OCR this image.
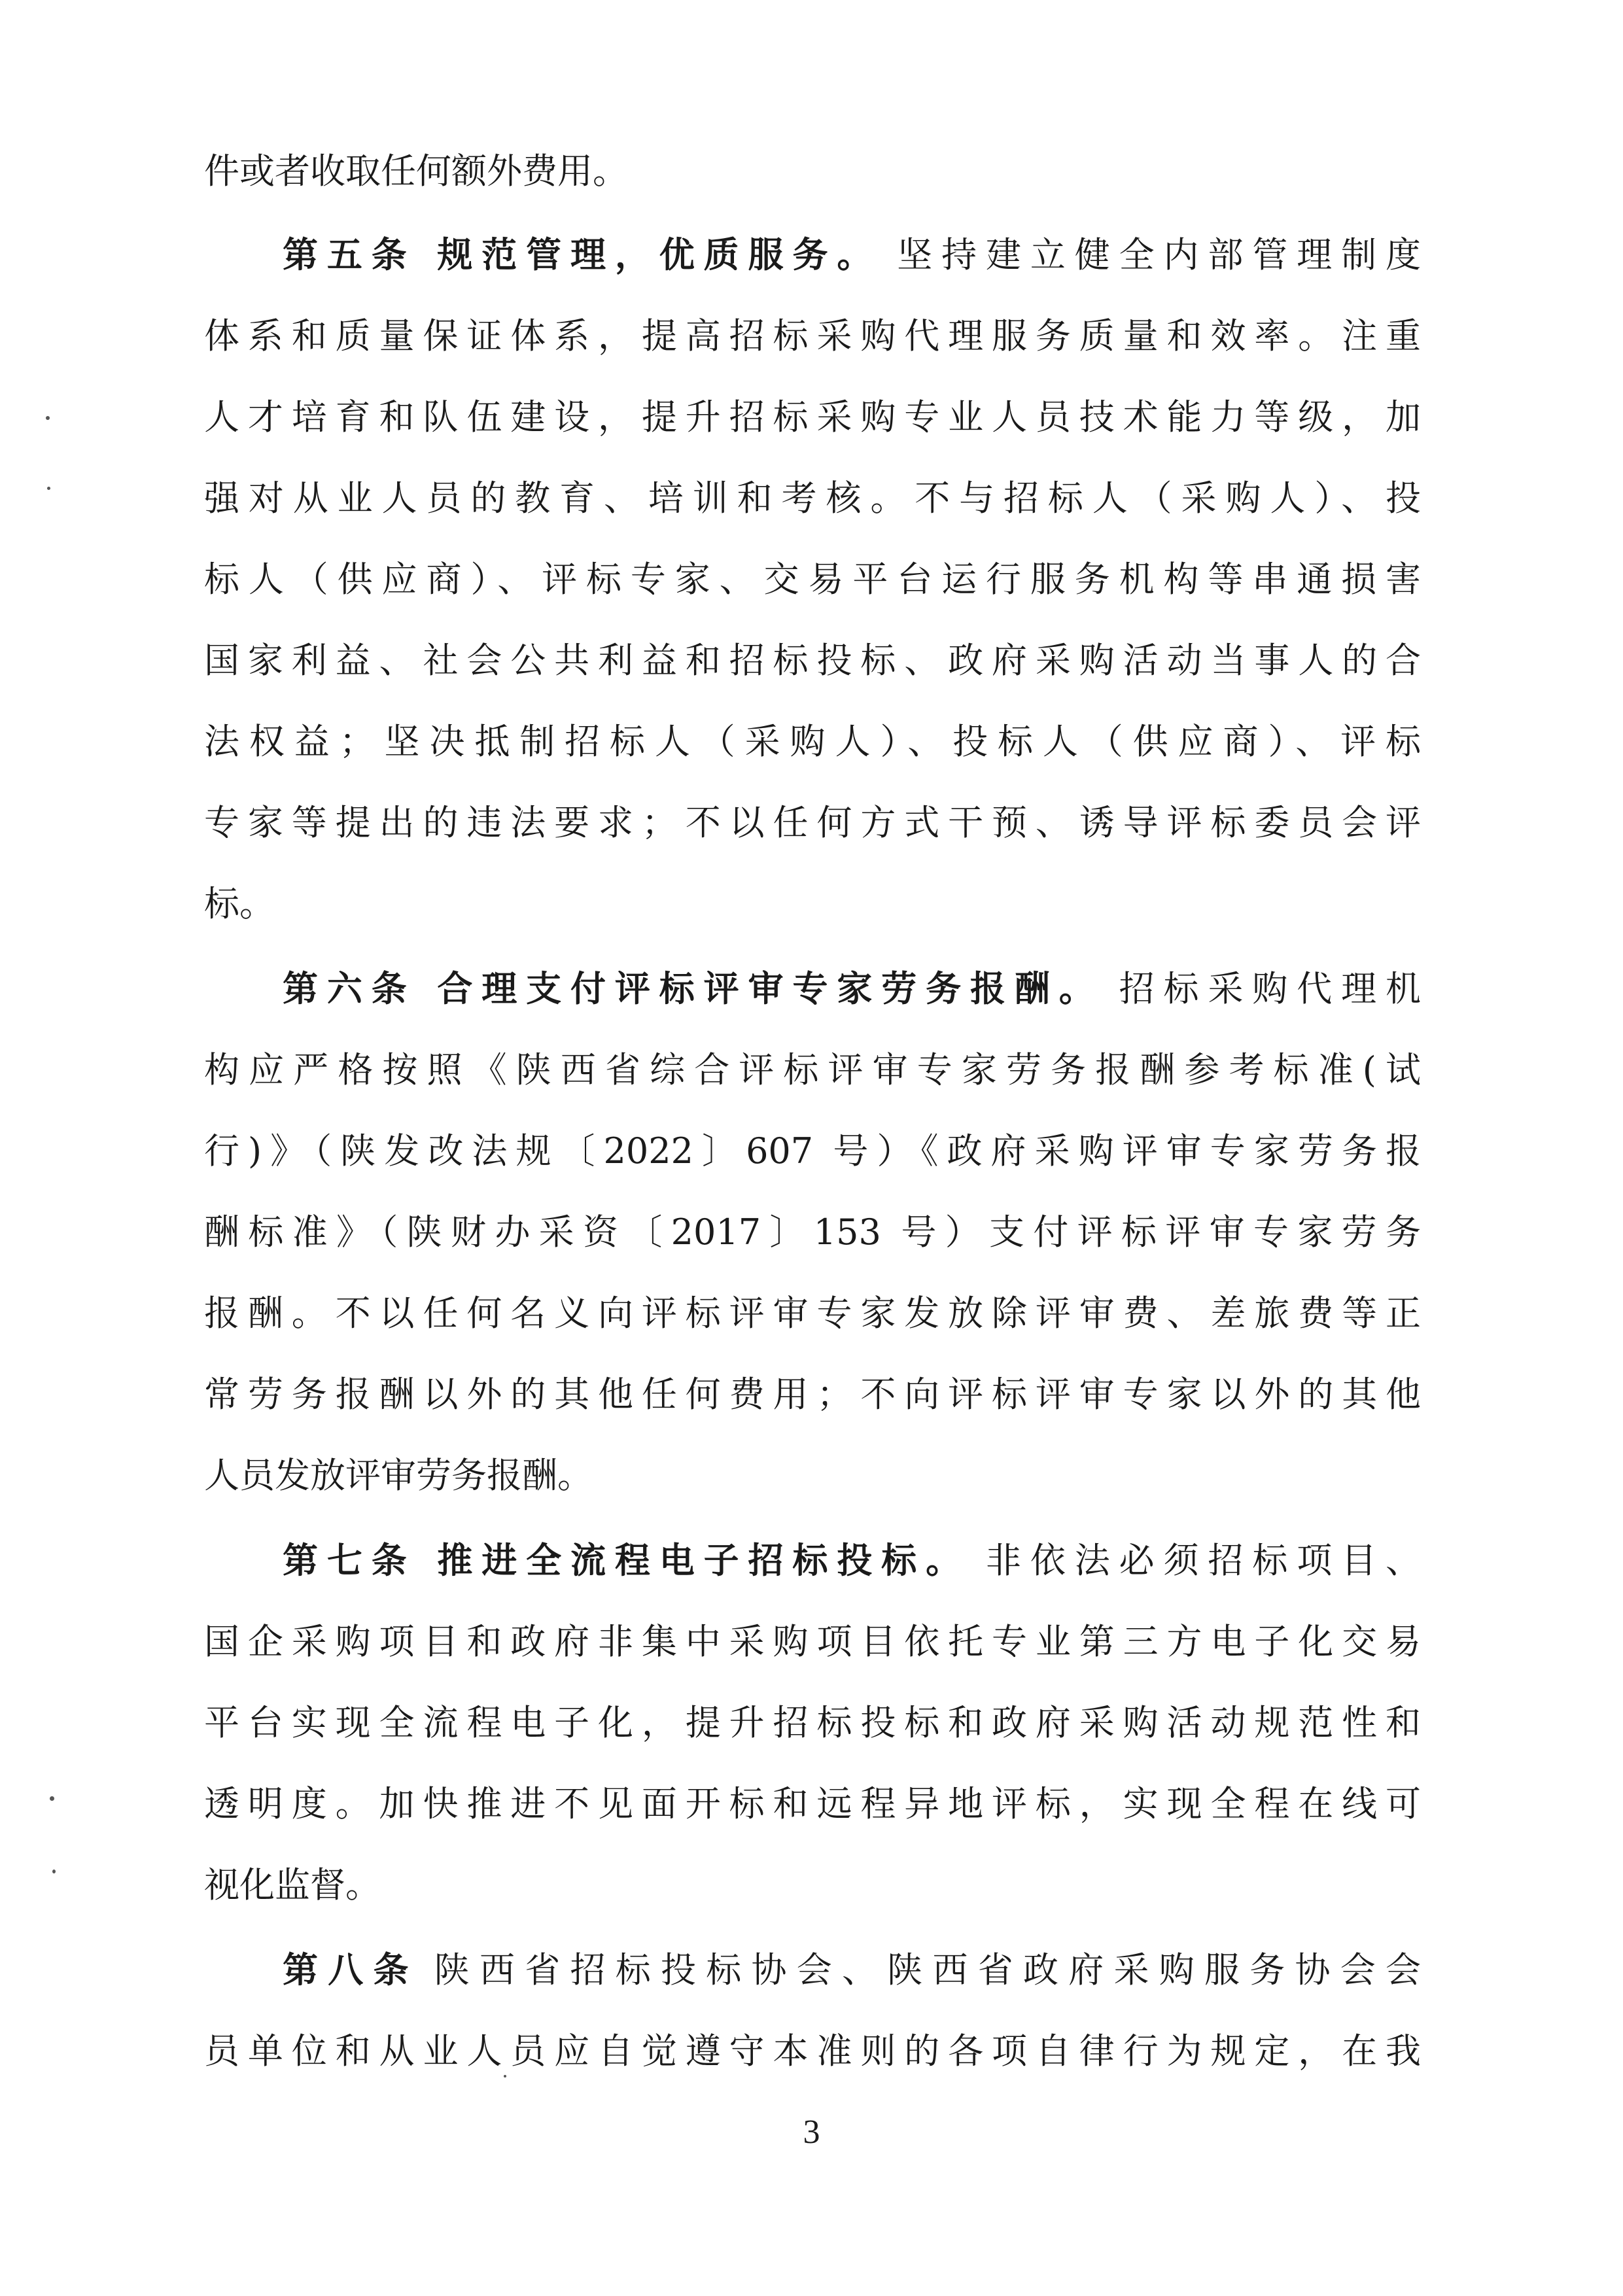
件或者收取任何额外费用。
第五条 规范管理，优质服务。 坚持建立健全内部管理制度
体系和质量保证体系，提高招标采购代理服务质量和效率。注重
人才培育和队伍建设，提升招标采购专业人员技术能力等级，加
强对从业人员的教育、培训和考核。不与招标人（采购人）、投
标人（供应商）、评标专家、交易平台运行服务机构等串通损害
国家利益、社会公共利益和招标投标、政府采购活动当事人的合
法权益；坚决抵制招标人（采购人）、投标人（供应商）、评标
专家等提出的违法要求；不以任何方式干预、诱导评标委员会评
标。
第六条 合理支付评标评审专家劳务报酬。 招标采购代理机
构应严格按照《陕西省综合评标评审专家劳务报酬参考标准(试
行)》（陕发改法规〔2022〕607 号）《政府采购评审专家劳务报
酬标准》（陕财办采资〔2017〕153 号）支付评标评审专家劳务
报酬。不以任何名义向评标评审专家发放除评审费、差旅费等正
常劳务报酬以外的其他任何费用；不向评标评审专家以外的其他
人员发放评审劳务报酬。
第七条 推进全流程电子招标投标。 非依法必须招标项目、
国企采购项目和政府非集中采购项目依托专业第三方电子化交易
平台实现全流程电子化，提升招标投标和政府采购活动规范性和
透明度。加快推进不见面开标和远程异地评标，实现全程在线可
视化监督。
第八条 陕西省招标投标协会、陕西省政府采购服务协会会
员单位和从业人员应自觉遵守本准则的各项自律行为规定，在我
3
